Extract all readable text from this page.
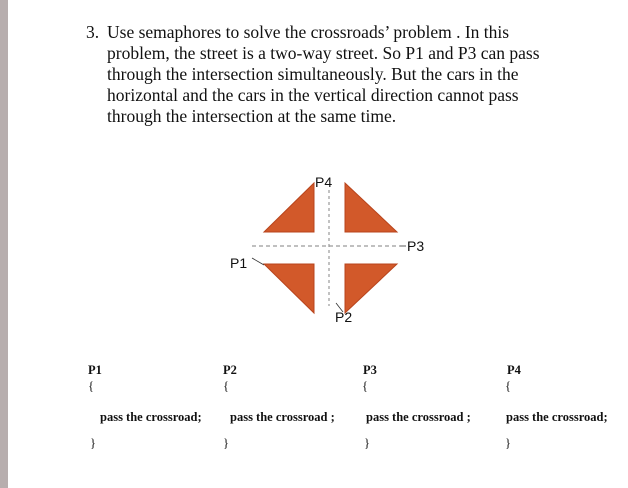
3. Use semaphores to solve the crossroads’ problem . In this
problem, the street is a two-way street. So P1 and P3 can pass
through the intersection simultaneously. But the cars in the
horizontal and the cars in the vertical direction cannot pass
through the intersection at the same time.
P4
P3
P1
P2
P1
{
pass the crossroad;
}
P2
{
pass the crossroad ;
}
P3
{
pass the crossroad ;
}
P4
{
pass the crossroad;
}
